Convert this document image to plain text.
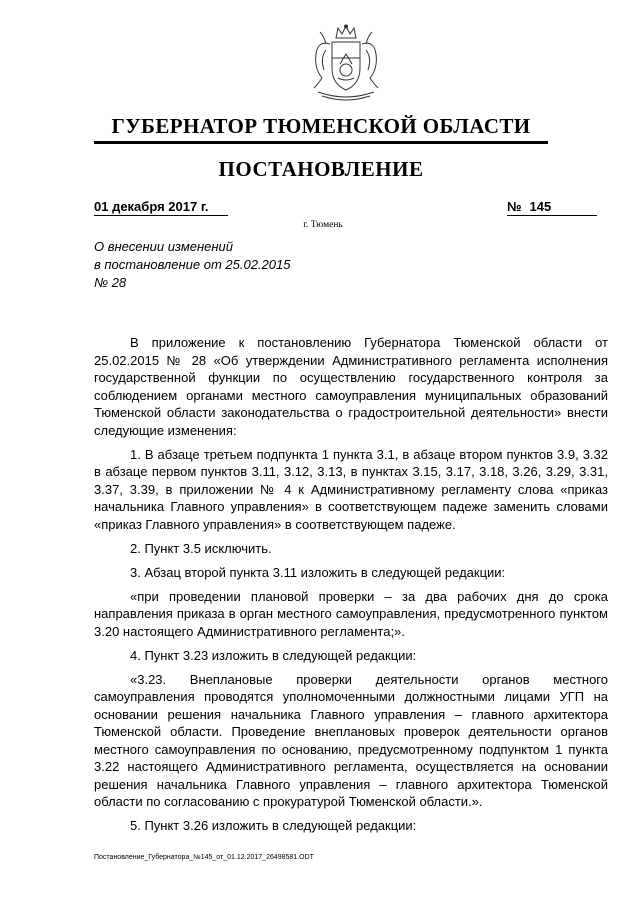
ГУБЕРНАТОР ТЮМЕНСКОЙ ОБЛАСТИ
ПОСТАНОВЛЕНИЕ
01 декабря 2017 г.	№ 145
г. Тюмень
О внесении изменений
в постановление от 25.02.2015
№ 28

В приложение к постановлению Губернатора Тюменской области от 25.02.2015 № 28 «Об утверждении Административного регламента исполнения государственной функции по осуществлению государственного контроля за соблюдением органами местного самоуправления муниципальных образований Тюменской области законодательства о градостроительной деятельности» внести следующие изменения:

1. В абзаце третьем подпункта 1 пункта 3.1, в абзаце втором пунктов 3.9, 3.32 в абзаце первом пунктов 3.11, 3.12, 3.13, в пунктах 3.15, 3.17, 3.18, 3.26, 3.29, 3.31, 3.37, 3.39, в приложении № 4 к Административному регламенту слова «приказ начальника Главного управления» в соответствующем падеже заменить словами «приказ Главного управления» в соответствующем падеже.

2. Пункт 3.5 исключить.

3. Абзац второй пункта 3.11 изложить в следующей редакции:

«при проведении плановой проверки – за два рабочих дня до срока направления приказа в орган местного самоуправления, предусмотренного пунктом 3.20 настоящего Административного регламента;».

4. Пункт 3.23 изложить в следующей редакции:

«3.23. Внеплановые проверки деятельности органов местного самоуправления проводятся уполномоченными должностными лицами УГП на основании решения начальника Главного управления – главного архитектора Тюменской области. Проведение внеплановых проверок деятельности органов местного самоуправления по основанию, предусмотренному подпунктом 1 пункта 3.22 настоящего Административного регламента, осуществляется на основании решения начальника Главного управления – главного архитектора Тюменской области по согласованию с прокуратурой Тюменской области.».

5. Пункт 3.26 изложить в следующей редакции:

Постановление_Губернатора_№145_от_01.12.2017_26498581.ODT
